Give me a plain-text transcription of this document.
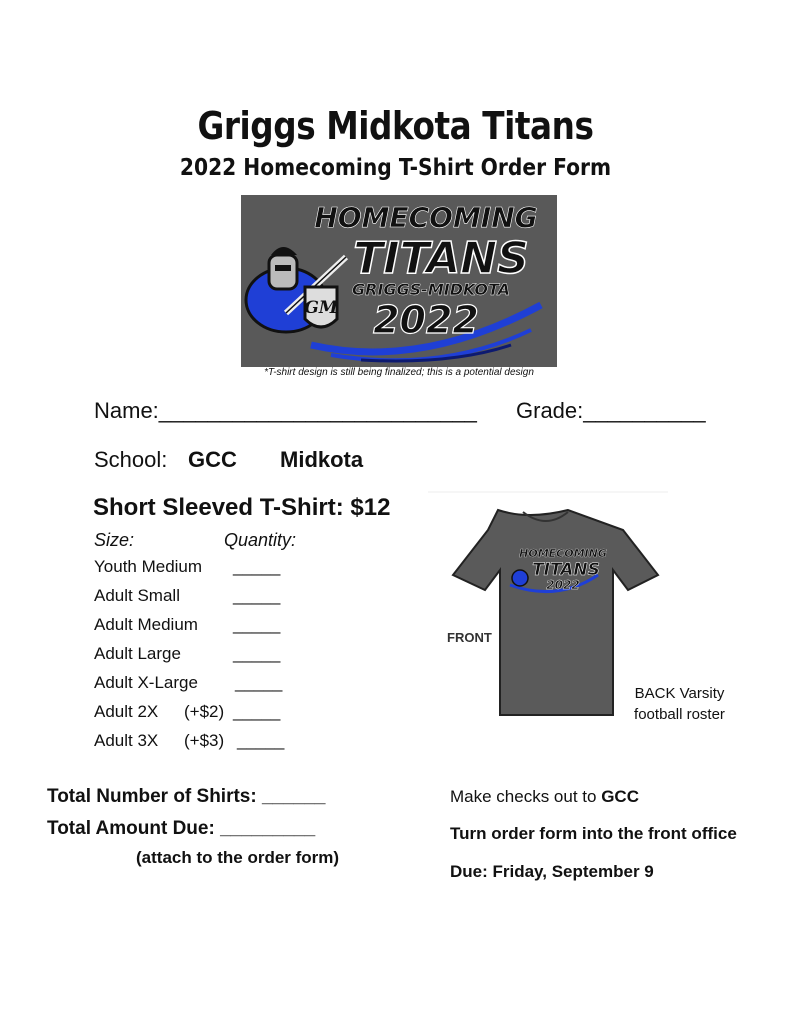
Griggs Midkota Titans
2022 Homecoming T-Shirt Order Form
HOMECOMING
TITANS
GRIGGS-MIDKOTA
2022
GM
*T-shirt design is still being finalized; this is a potential design
Name:__________________________ Grade:__________
School: GCC Midkota
Short Sleeved T-Shirt: $12
Size:	Quantity:
Youth Medium _____
Adult Small	_____
Adult Medium _____
Adult Large	_____
Adult X-Large _____
Adult 2X (+$2) _____
Adult 3X (+$3) _____
HOMECOMING
TITANS
2022
FRONT
BACK Varsity football roster
Total Number of Shirts: ______
Total Amount Due: _________
(attach to the order form)
Make checks out to GCC
Turn order form into the front office
Due: Friday, September 9
